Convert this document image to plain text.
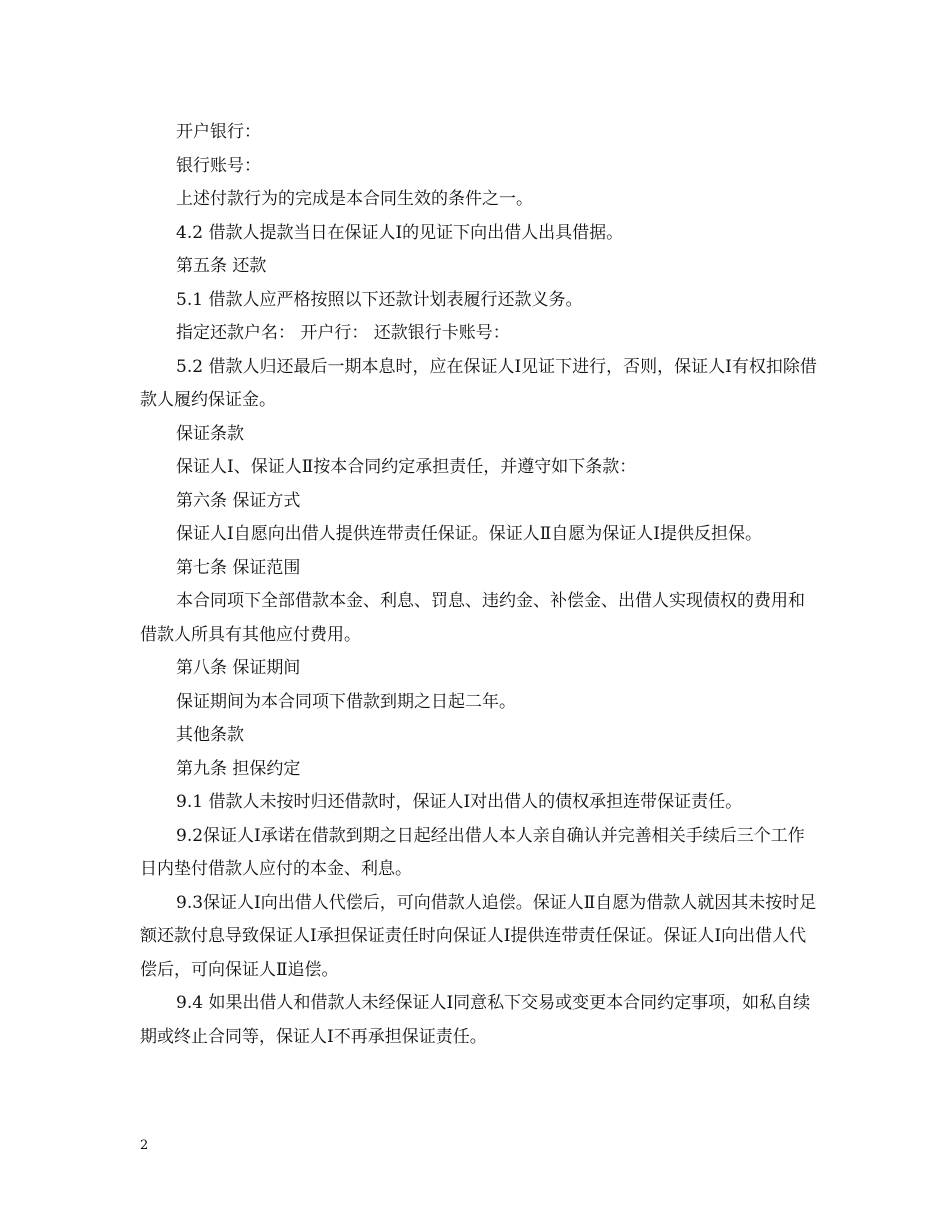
开户银行：

银行账号：

上述付款行为的完成是本合同生效的条件之一。

4.2 借款人提款当日在保证人Ⅰ的见证下向出借人出具借据。

第五条 还款

5.1 借款人应严格按照以下还款计划表履行还款义务。

指定还款户名： 开户行： 还款银行卡账号：

5.2 借款人归还最后一期本息时，应在保证人Ⅰ见证下进行，否则，保证人Ⅰ有权扣除借款人履约保证金。

保证条款

保证人Ⅰ、保证人Ⅱ按本合同约定承担责任，并遵守如下条款：

第六条 保证方式

保证人Ⅰ自愿向出借人提供连带责任保证。保证人Ⅱ自愿为保证人Ⅰ提供反担保。

第七条 保证范围

本合同项下全部借款本金、利息、罚息、违约金、补偿金、出借人实现债权的费用和借款人所具有其他应付费用。

第八条 保证期间

保证期间为本合同项下借款到期之日起二年。

其他条款

第九条 担保约定

9.1 借款人未按时归还借款时，保证人Ⅰ对出借人的债权承担连带保证责任。

9.2保证人Ⅰ承诺在借款到期之日起经出借人本人亲自确认并完善相关手续后三个工作日内垫付借款人应付的本金、利息。

9.3保证人Ⅰ向出借人代偿后，可向借款人追偿。保证人Ⅱ自愿为借款人就因其未按时足额还款付息导致保证人Ⅰ承担保证责任时向保证人Ⅰ提供连带责任保证。保证人Ⅰ向出借人代偿后，可向保证人Ⅱ追偿。

9.4 如果出借人和借款人未经保证人Ⅰ同意私下交易或变更本合同约定事项，如私自续期或终止合同等，保证人Ⅰ不再承担保证责任。

2
